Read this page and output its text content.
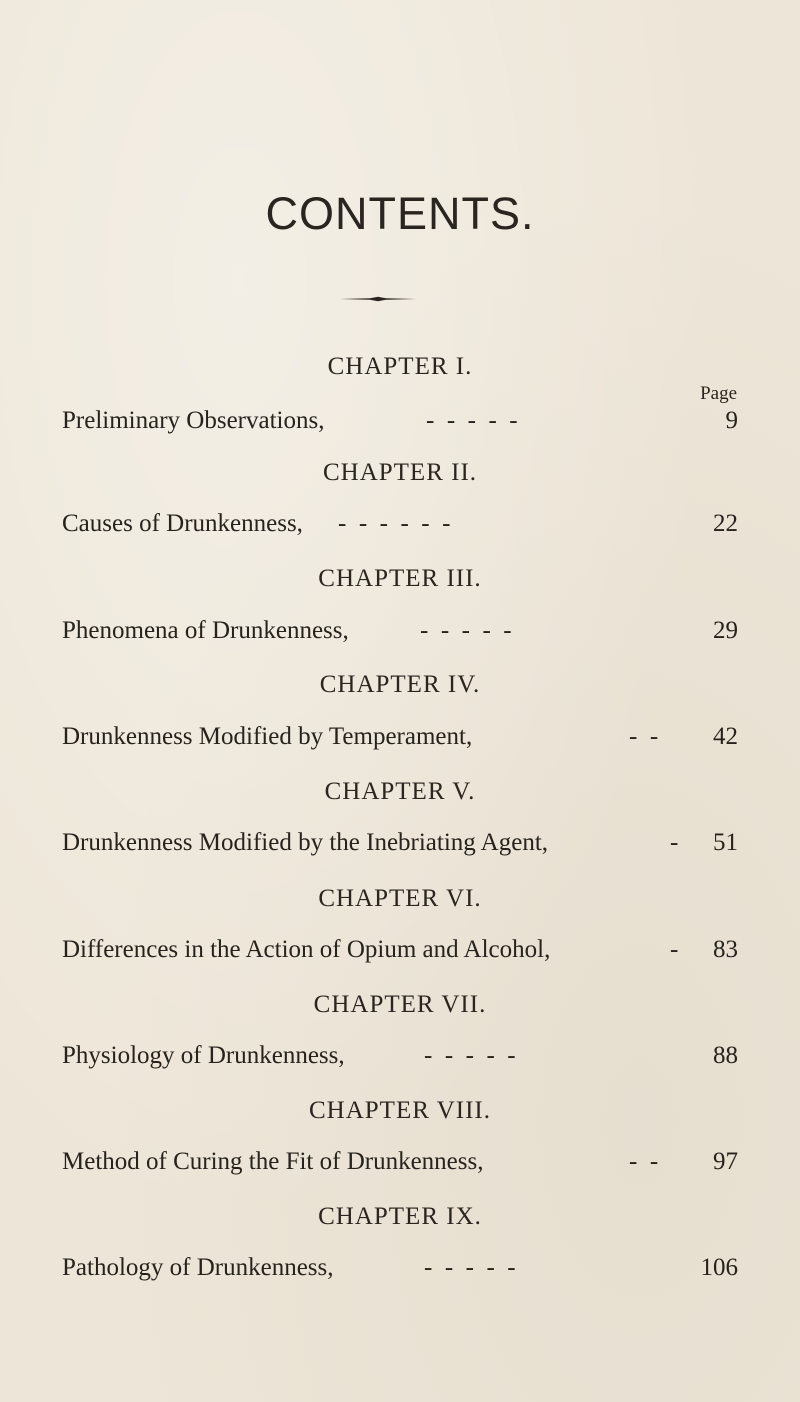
CONTENTS.
Page
CHAPTER I.
Preliminary Observations,	-  -  -  -  -	9
CHAPTER II.
Causes of Drunkenness, -  -  -  -  -  -	22
CHAPTER III.
Phenomena of Drunkenness,	-  -  -  -  -	29
CHAPTER IV.
Drunkenness Modified by Temperament,	-  - 42
CHAPTER V.
Drunkenness Modified by the Inebriating Agent,	- 51
CHAPTER VI.
Differences in the Action of Opium and Alcohol,	- 83
CHAPTER VII.
Physiology of Drunkenness,	-  -  -  -  -	88
CHAPTER VIII.
Method of Curing the Fit of Drunkenness,	-  - 97
CHAPTER IX.
Pathology of Drunkenness,	-  -  -  -  -	106
